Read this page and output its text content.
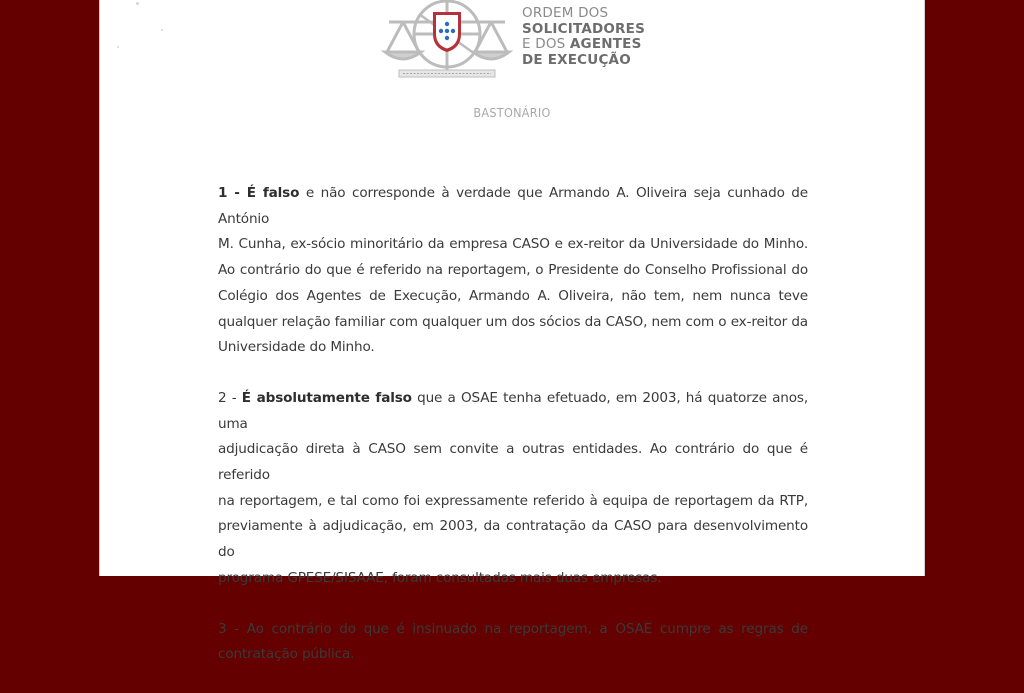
ORDEM DOS
SOLICITADORES
E DOS AGENTES
DE EXECUÇÃO
BASTONÁRIO
1 - É falso e não corresponde à verdade que Armando A. Oliveira seja cunhado de António
M. Cunha, ex-sócio minoritário da empresa CASO e ex-reitor da Universidade do Minho.
Ao contrário do que é referido na reportagem, o Presidente do Conselho Profissional do
Colégio dos Agentes de Execução, Armando A. Oliveira, não tem, nem nunca teve
qualquer relação familiar com qualquer um dos sócios da CASO, nem com o ex-reitor da
Universidade do Minho.
2 - É absolutamente falso que a OSAE tenha efetuado, em 2003, há quatorze anos, uma
adjudicação direta à CASO sem convite a outras entidades. Ao contrário do que é referido
na reportagem, e tal como foi expressamente referido à equipa de reportagem da RTP,
previamente à adjudicação, em 2003, da contratação da CASO para desenvolvimento do
programa GPESE/SISAAE, foram consultadas mais duas empresas.
3 - Ao contrário do que é insinuado na reportagem, a OSAE cumpre as regras de
contratação pública.
